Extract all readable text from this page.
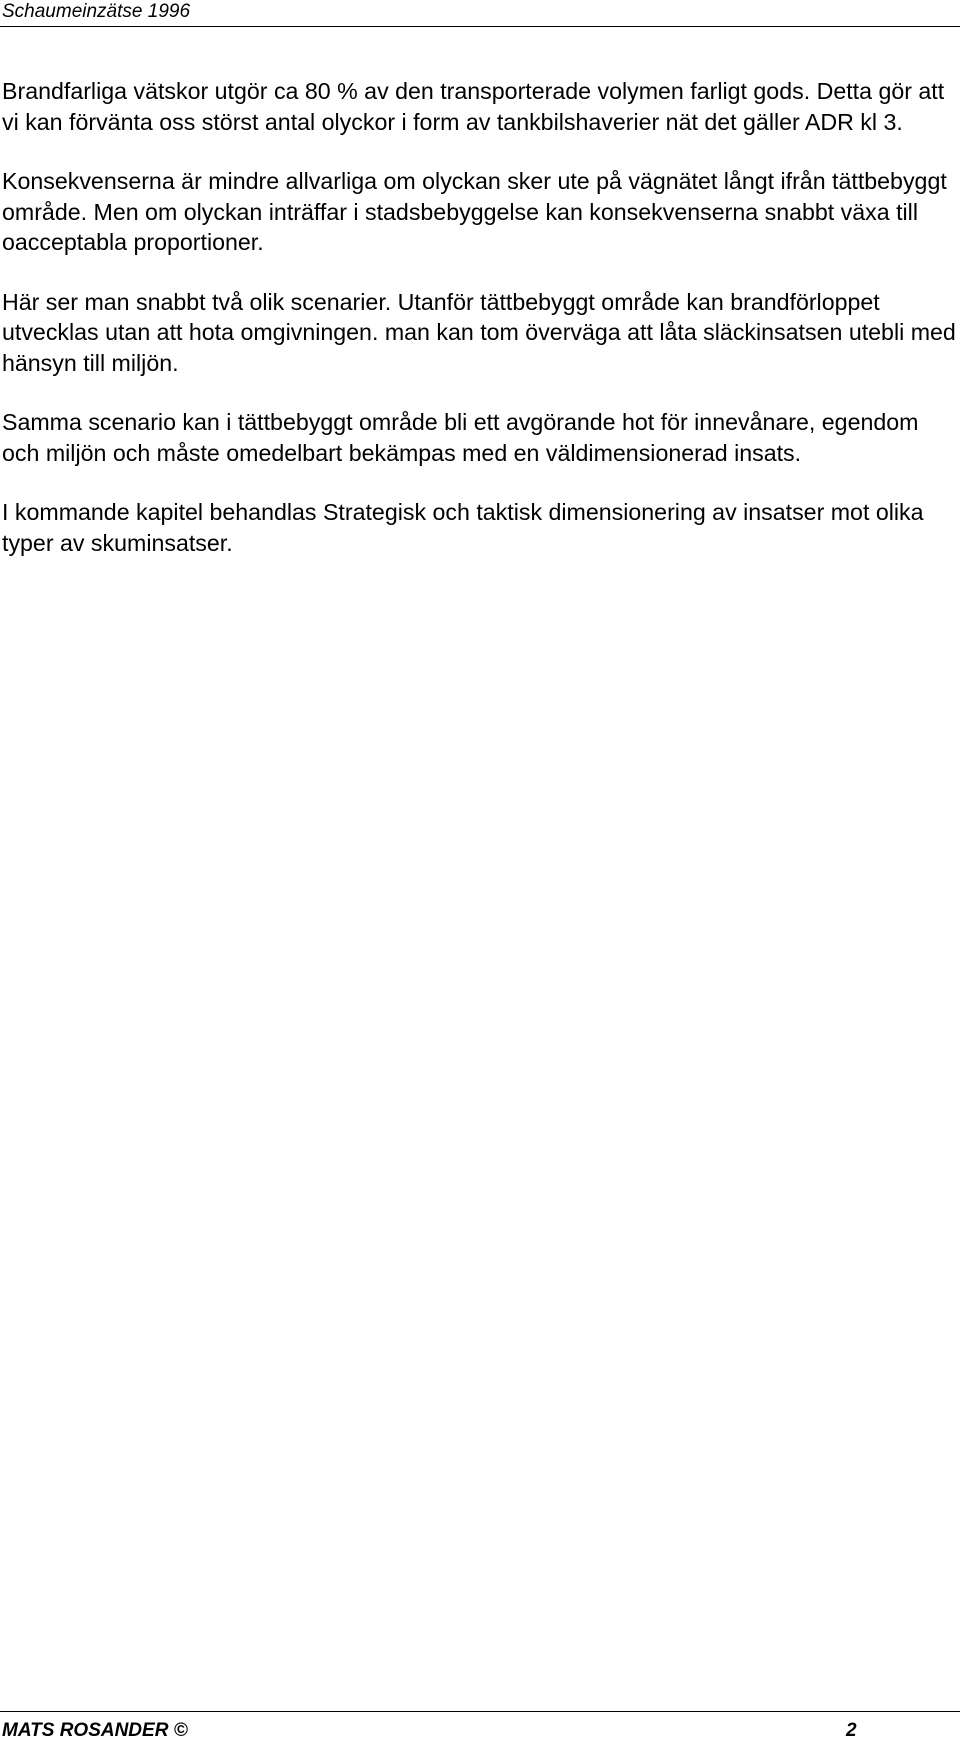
Schaumeinzätse 1996

Brandfarliga vätskor utgör ca 80 % av den transporterade volymen farligt gods. Detta gör att vi kan förvänta oss störst antal olyckor i form av tankbilshaverier nät det gäller ADR kl 3.

Konsekvenserna är mindre allvarliga om olyckan sker ute på vägnätet långt ifrån tättbebyggt område. Men om olyckan inträffar i stadsbebyggelse kan konsekvenserna snabbt växa till oacceptabla proportioner.

Här ser man snabbt två olik scenarier. Utanför tättbebyggt område kan brandförloppet utvecklas utan att hota omgivningen. man kan tom överväga att låta släckinsatsen utebli med hänsyn till miljön.

Samma scenario kan i tättbebyggt område bli ett avgörande hot för innevånare, egendom och miljön och måste omedelbart bekämpas med en väldimensionerad insats.

I kommande kapitel behandlas Strategisk och taktisk dimensionering av insatser mot olika typer av skuminsatser.

MATS ROSANDER ©	2
